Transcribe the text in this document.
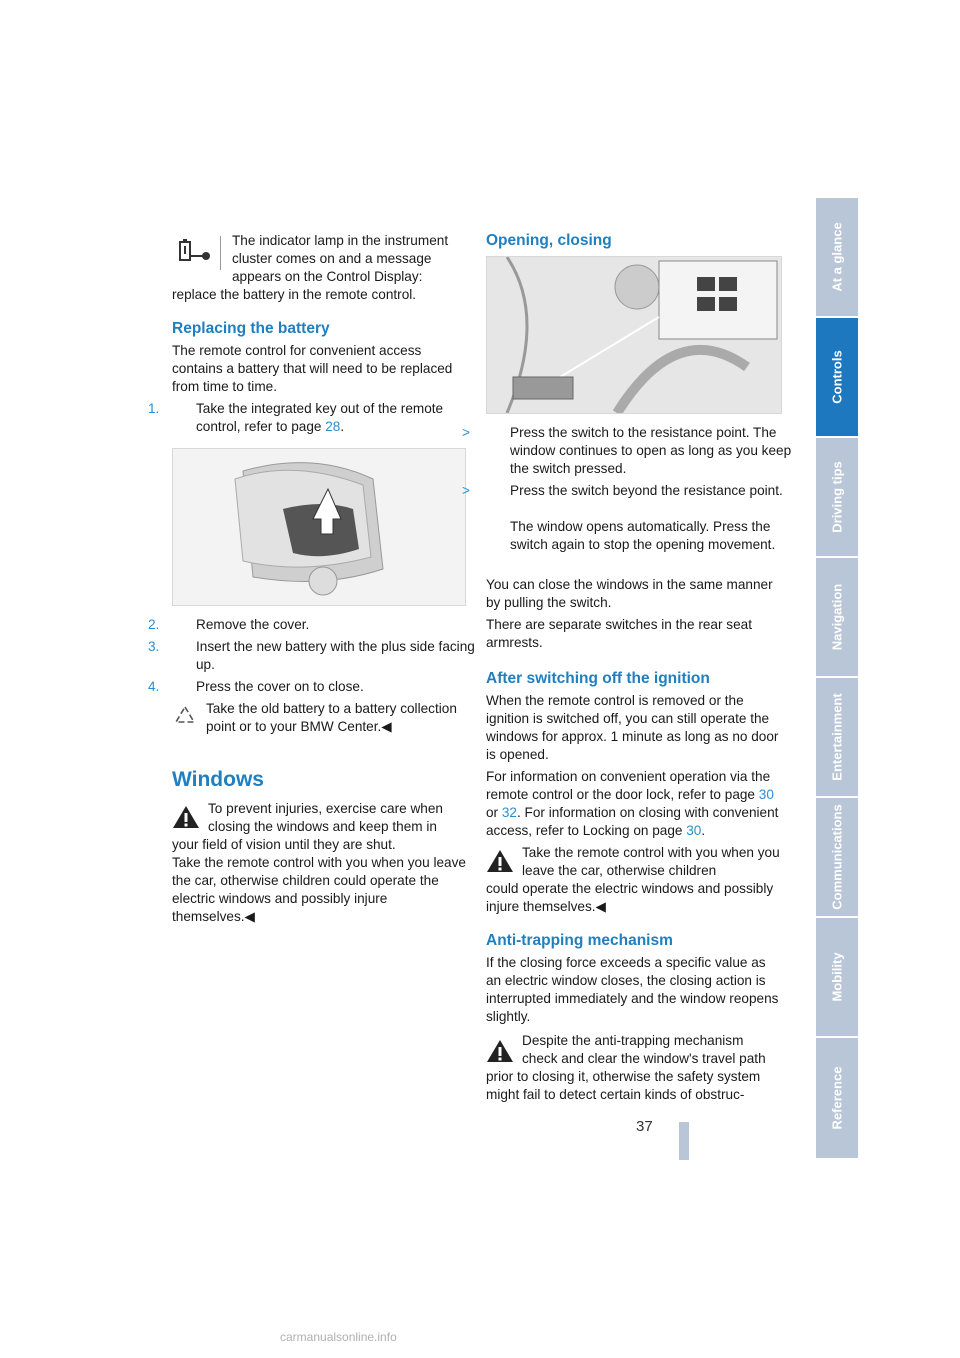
The indicator lamp in the instrument cluster comes on and a message appears on the Control Display:
replace the battery in the remote control.
Replacing the battery
The remote control for convenient access contains a battery that will need to be replaced from time to time.
1.	Take the integrated key out of the remote control, refer to page 28.
2.	Remove the cover.
3.	Insert the new battery with the plus side facing up.
4.	Press the cover on to close.
Take the old battery to a battery collection point or to your BMW Center.◀
Windows
To prevent injuries, exercise care when closing the windows and keep them in
your field of vision until they are shut.
Take the remote control with you when you leave the car, otherwise children could operate the electric windows and possibly injure themselves.◀
Opening, closing
>	Press the switch to the resistance point. The window continues to open as long as you keep the switch pressed.
>	Press the switch beyond the resistance point.
The window opens automatically. Press the switch again to stop the opening movement.
You can close the windows in the same manner by pulling the switch.
There are separate switches in the rear seat armrests.
After switching off the ignition
When the remote control is removed or the ignition is switched off, you can still operate the windows for approx. 1 minute as long as no door is opened.
For information on convenient operation via the remote control or the door lock, refer to page 30 or 32. For information on closing with convenient access, refer to Locking on page 30.
Take the remote control with you when you leave the car, otherwise children
could operate the electric windows and possibly injure themselves.◀
Anti-trapping mechanism
If the closing force exceeds a specific value as an electric window closes, the closing action is interrupted immediately and the window reopens slightly.
Despite the anti-trapping mechanism check and clear the window's travel path
prior to closing it, otherwise the safety system might fail to detect certain kinds of obstruc-
37
At a glance
Controls
Driving tips
Navigation
Entertainment
Communications
Mobility
Reference
carmanualsonline.info
